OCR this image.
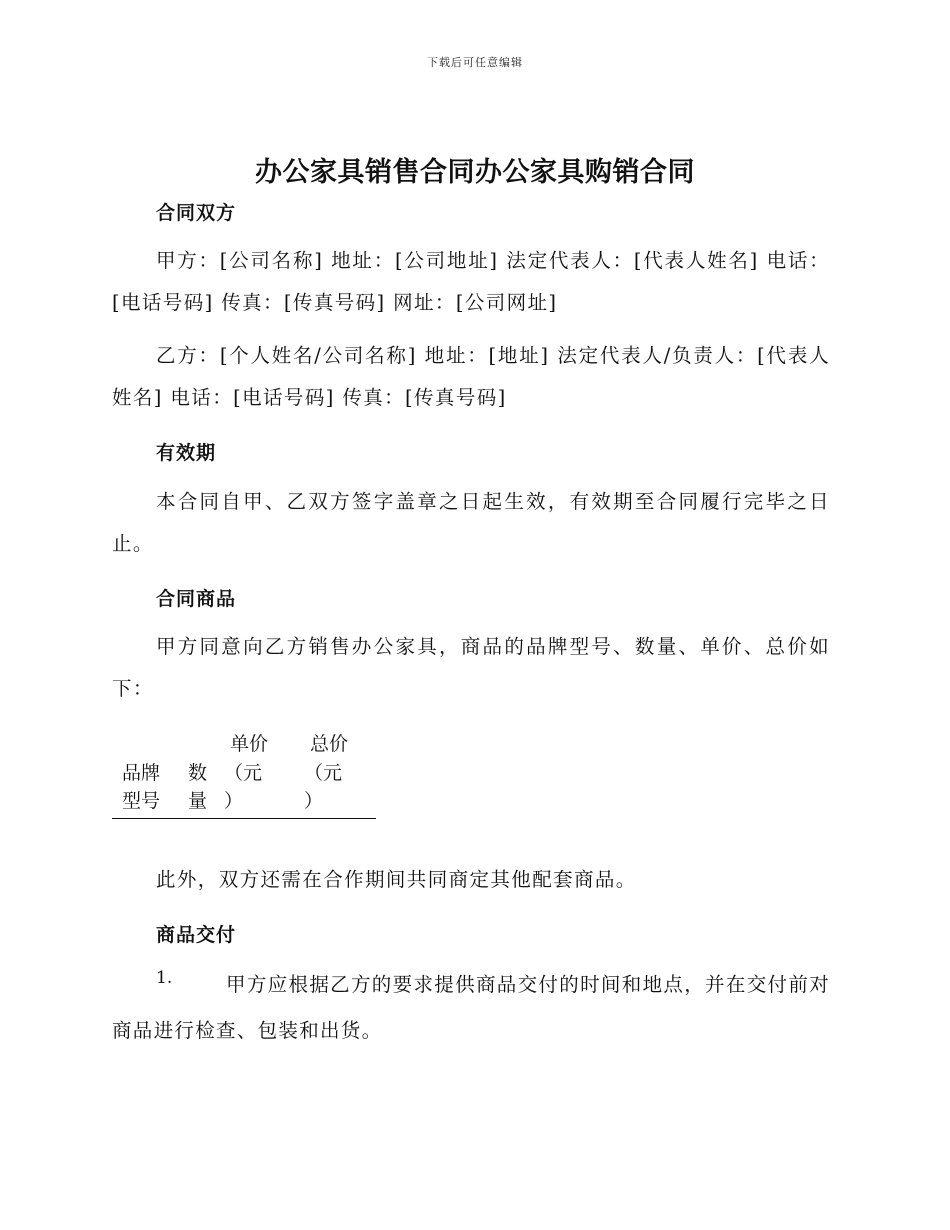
下载后可任意编辑
办公家具销售合同办公家具购销合同
合同双方

甲方：[公司名称] 地址：[公司地址] 法定代表人：[代表人姓名] 电话：[电话号码] 传真：[传真号码] 网址：[公司网址]

乙方：[个人姓名/公司名称] 地址：[地址] 法定代表人/负责人：[代表人姓名] 电话：[电话号码] 传真：[传真号码]

有效期

本合同自甲、乙双方签字盖章之日起生效，有效期至合同履行完毕之日止。

合同商品

甲方同意向乙方销售办公家具，商品的品牌型号、数量、单价、总价如下：

单价 总价
品牌 数 （元 （元
型号 量 ）	）

此外，双方还需在合作期间共同商定其他配套商品。

商品交付
1.	甲方应根据乙方的要求提供商品交付的时间和地点，并在交付前对商品进行检查、包装和出货。
